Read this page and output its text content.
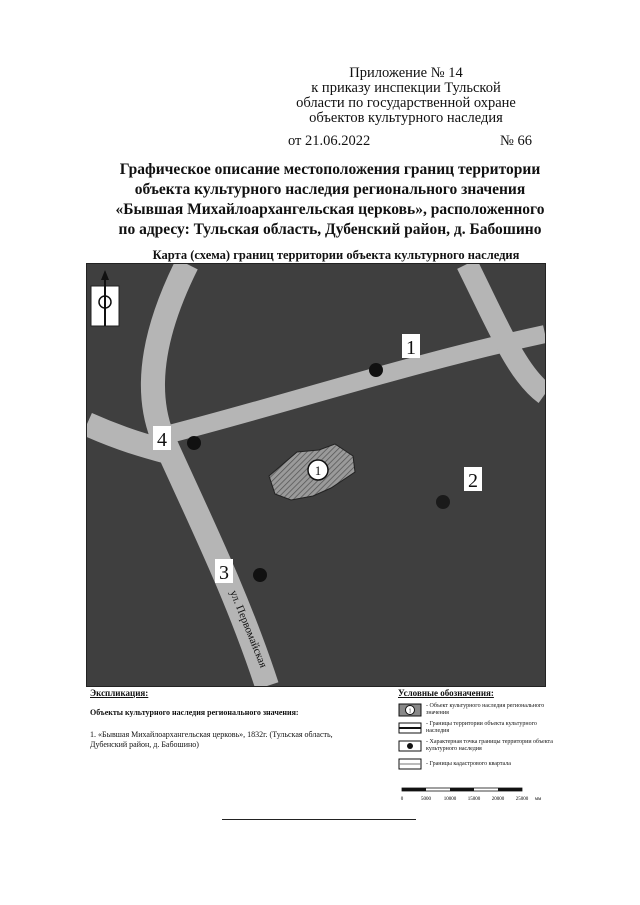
Приложение № 14
к приказу инспекции Тульской
области по государственной охране
объектов культурного наследия
от 21.06.2022	№ 66
Графическое описание местоположения границ территории
объекта культурного наследия регионального значения
«Бывшая Михайлоархангельская церковь», расположенного
по адресу: Тульская область, Дубенский район, д. Бабошино
Карта (схема) границ территории объекта культурного наследия
1
1
2
3
4
ул. Первомайская
Экспликация:
Объекты культурного наследия регионального значения:
1. «Бывшая Михайлоархангельская церковь», 1832г. (Тульская область, Дубенский район, д. Бабошино)
Условные обозначения:
1
- Объект культурного наследия регионального значения
- Границы территории объекта культурного наследия
- Характерная точка границы территории объекта культурного наследия
- Границы кадастрового квартала
0	5000	10000 15000 20000 25000 мм
